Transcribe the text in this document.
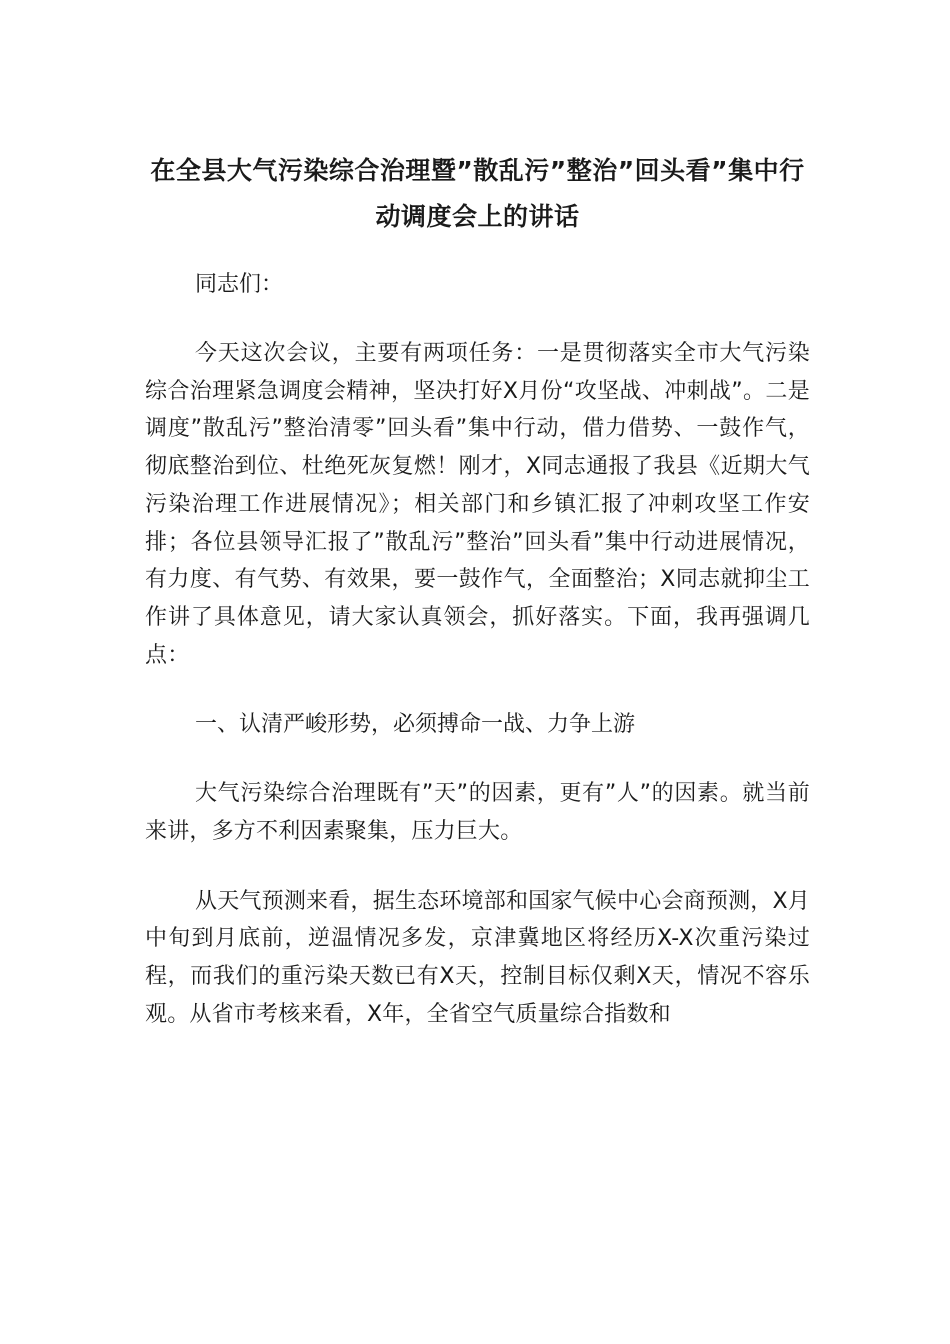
在全县大气污染综合治理暨”散乱污”整治”回头看”集中行动调度会上的讲话

同志们：

今天这次会议，主要有两项任务：一是贯彻落实全市大气污染综合治理紧急调度会精神，坚决打好X月份“攻坚战、冲刺战”。二是调度”散乱污”整治清零”回头看”集中行动，借力借势、一鼓作气，彻底整治到位、杜绝死灰复燃！刚才，X同志通报了我县《近期大气污染治理工作进展情况》；相关部门和乡镇汇报了冲刺攻坚工作安排；各位县领导汇报了”散乱污”整治”回头看”集中行动进展情况，有力度、有气势、有效果，要一鼓作气，全面整治；X同志就抑尘工作讲了具体意见，请大家认真领会，抓好落实。下面，我再强调几点：

一、认清严峻形势，必须搏命一战、力争上游

大气污染综合治理既有”天”的因素，更有”人”的因素。就当前来讲，多方不利因素聚集，压力巨大。

从天气预测来看，据生态环境部和国家气候中心会商预测，X月中旬到月底前，逆温情况多发，京津冀地区将经历X-X次重污染过程，而我们的重污染天数已有X天，控制目标仅剩X天，情况不容乐观。从省市考核来看，X年，全省空气质量综合指数和
